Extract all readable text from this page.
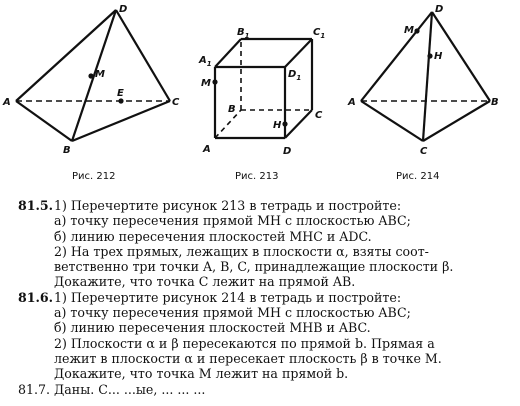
D
M
E
A	C
B
Рис. 212
$B_1$	$C_1$
$A_1$
$D_1$
M
B
H
C
A	D
Рис. 213
D
M
H
A	B
C
Рис. 214
81.5.1) Перечертите рисунок 213 в тетрадь и постройте:
а) точку пересечения прямой MH с плоскостью ABC;
б) линию пересечения плоскостей MHC и ADC.
2) На трех прямых, лежащих в плоскости α, взяты соот-
ветственно три точки A, B, C, принадлежащие плоскости β.
Докажите, что точка C лежит на прямой AB.
81.6.1) Перечертите рисунок 214 в тетрадь и постройте:
а) точку пересечения прямой MH с плоскостью ABC;
б) линию пересечения плоскостей MHB и ABC.
2) Плоскости α и β пересекаются по прямой b. Прямая a
лежит в плоскости α и пересекает плоскость β в точке M.
Докажите, что точка M лежит на прямой b.
81.7. Даны. С... ...ые, ... ... ...
